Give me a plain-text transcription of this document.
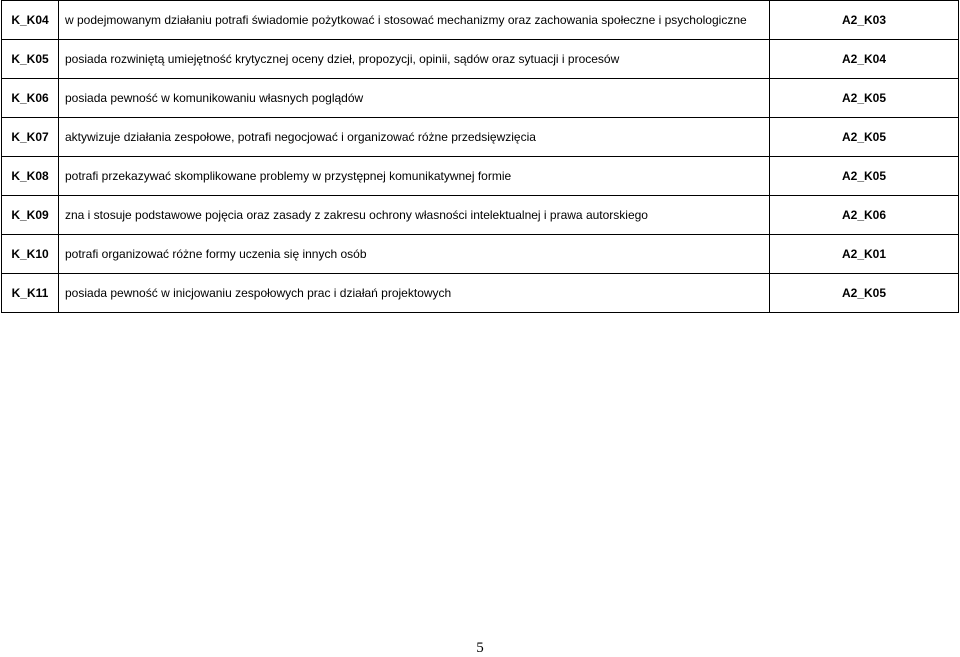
K_K04	w podejmowanym działaniu potrafi świadomie pożytkować i stosować mechanizmy oraz zachowania społeczne i psychologiczne	A2_K03
K_K05	posiada rozwiniętą umiejętność krytycznej oceny dzieł, propozycji, opinii, sądów oraz sytuacji i procesów	A2_K04
K_K06	posiada pewność w komunikowaniu własnych poglądów	A2_K05
K_K07	aktywizuje działania zespołowe, potrafi negocjować i organizować różne przedsięwzięcia	A2_K05
K_K08	potrafi przekazywać skomplikowane problemy w przystępnej komunikatywnej formie	A2_K05
K_K09	zna i stosuje podstawowe pojęcia oraz zasady z zakresu ochrony własności intelektualnej i prawa autorskiego	A2_K06
K_K10	potrafi organizować różne formy uczenia się innych osób	A2_K01
K_K11	posiada pewność w inicjowaniu zespołowych prac i działań projektowych	A2_K05
5
